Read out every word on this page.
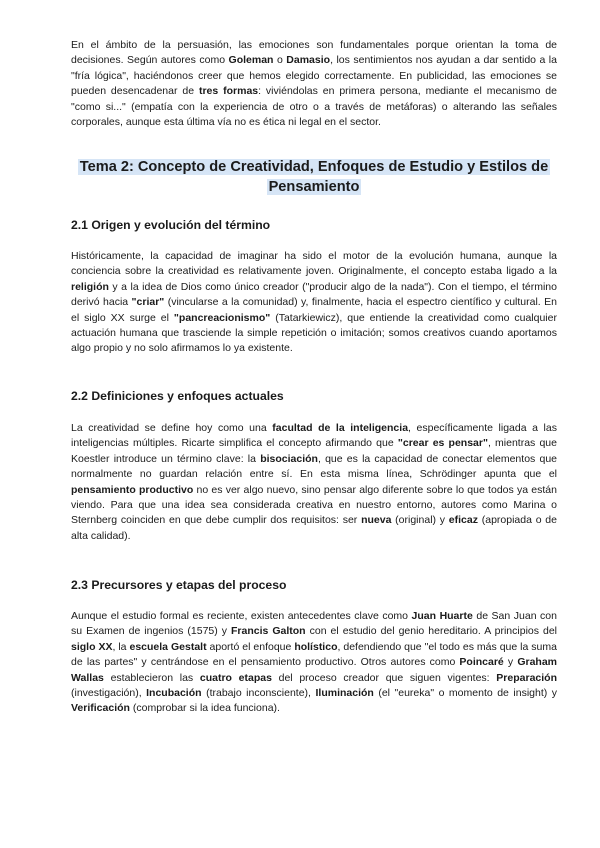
En el ámbito de la persuasión, las emociones son fundamentales porque orientan la toma de decisiones. Según autores como Goleman o Damasio, los sentimientos nos ayudan a dar sentido a la "fría lógica", haciéndonos creer que hemos elegido correctamente. En publicidad, las emociones se pueden desencadenar de tres formas: viviéndolas en primera persona, mediante el mecanismo de "como si..." (empatía con la experiencia de otro o a través de metáforas) o alterando las señales corporales, aunque esta última vía no es ética ni legal en el sector.

Tema 2: Concepto de Creatividad, Enfoques de Estudio y Estilos de Pensamiento
2.1 Origen y evolución del término

Históricamente, la capacidad de imaginar ha sido el motor de la evolución humana, aunque la conciencia sobre la creatividad es relativamente joven. Originalmente, el concepto estaba ligado a la religión y a la idea de Dios como único creador ("producir algo de la nada"). Con el tiempo, el término derivó hacia "criar" (vincularse a la comunidad) y, finalmente, hacia el espectro científico y cultural. En el siglo XX surge el "pancreacionismo" (Tatarkiewicz), que entiende la creatividad como cualquier actuación humana que trasciende la simple repetición o imitación; somos creativos cuando aportamos algo propio y no solo afirmamos lo ya existente.

2.2 Definiciones y enfoques actuales

La creatividad se define hoy como una facultad de la inteligencia, específicamente ligada a las inteligencias múltiples. Ricarte simplifica el concepto afirmando que "crear es pensar", mientras que Koestler introduce un término clave: la bisociación, que es la capacidad de conectar elementos que normalmente no guardan relación entre sí. En esta misma línea, Schrödinger apunta que el pensamiento productivo no es ver algo nuevo, sino pensar algo diferente sobre lo que todos ya están viendo. Para que una idea sea considerada creativa en nuestro entorno, autores como Marina o Sternberg coinciden en que debe cumplir dos requisitos: ser nueva (original) y eficaz (apropiada o de alta calidad).

2.3 Precursores y etapas del proceso

Aunque el estudio formal es reciente, existen antecedentes clave como Juan Huarte de San Juan con su Examen de ingenios (1575) y Francis Galton con el estudio del genio hereditario. A principios del siglo XX, la escuela Gestalt aportó el enfoque holístico, defendiendo que "el todo es más que la suma de las partes" y centrándose en el pensamiento productivo. Otros autores como Poincaré y Graham Wallas establecieron las cuatro etapas del proceso creador que siguen vigentes: Preparación (investigación), Incubación (trabajo inconsciente), Iluminación (el "eureka" o momento de insight) y Verificación (comprobar si la idea funciona).
